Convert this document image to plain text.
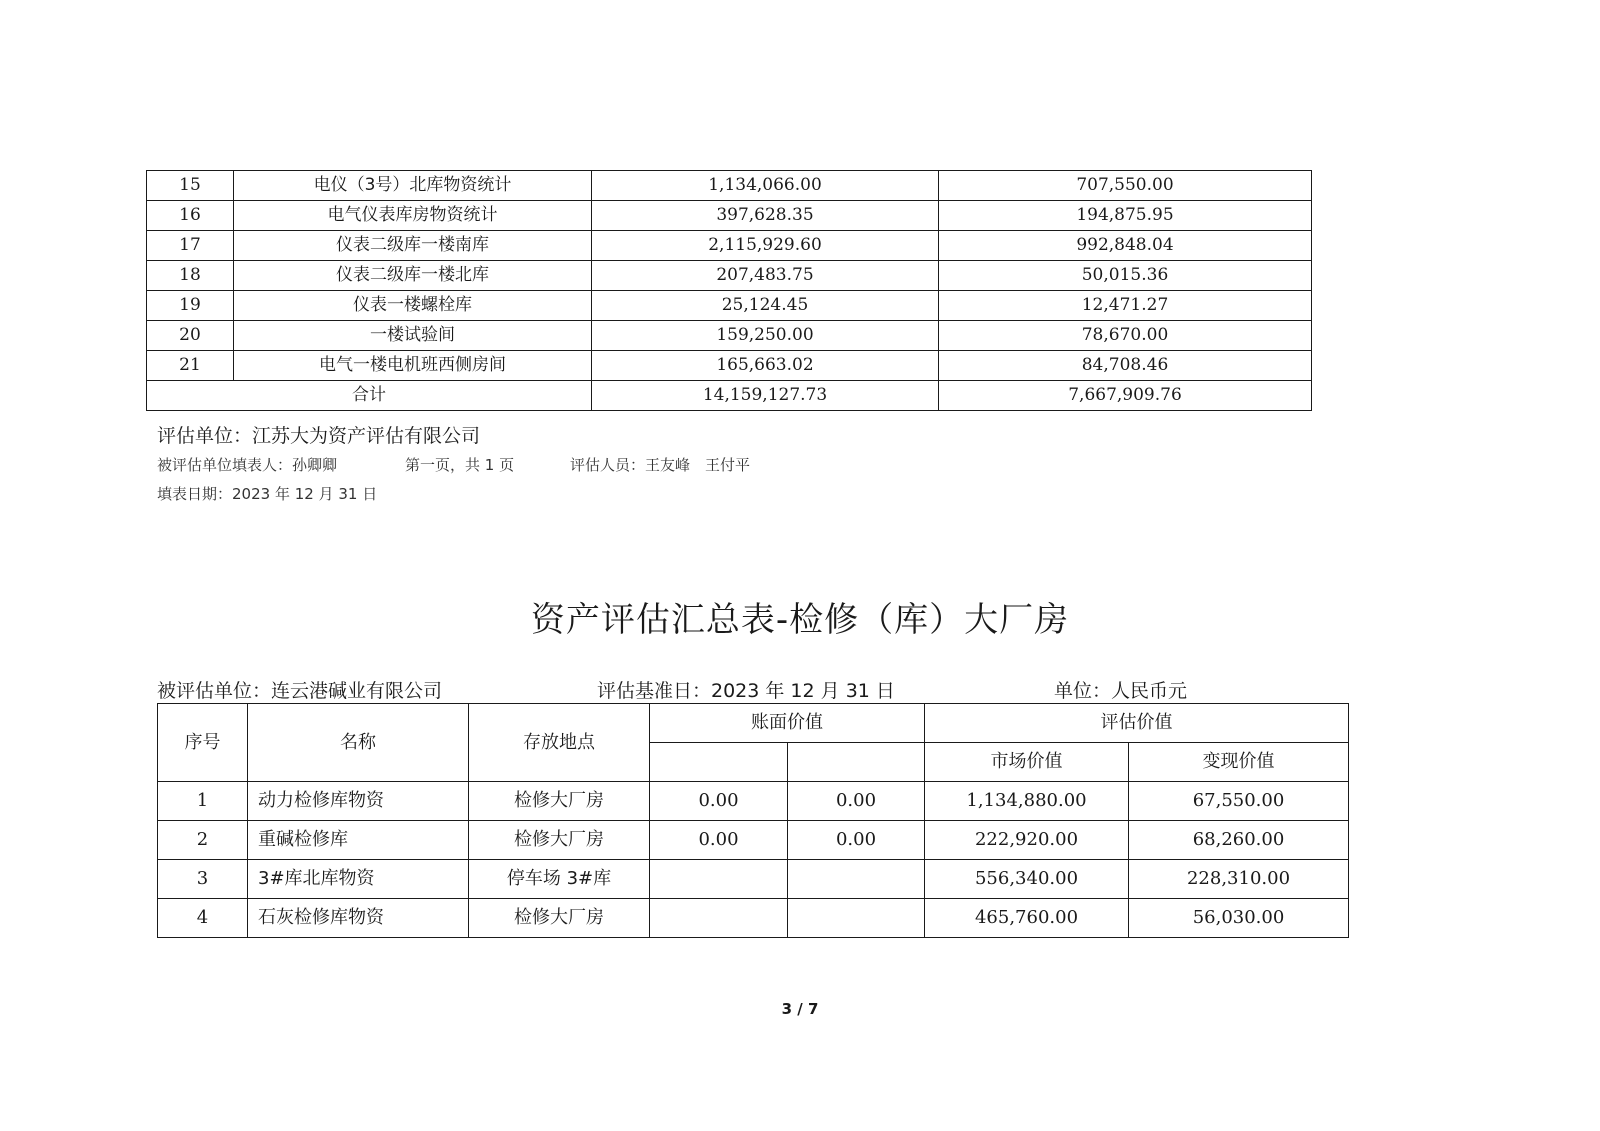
15	电仪（3号）北库物资统计	1,134,066.00	707,550.00
16	电气仪表库房物资统计	397,628.35	194,875.95
17	仪表二级库一楼南库	2,115,929.60	992,848.04
18	仪表二级库一楼北库	207,483.75	50,015.36
19	仪表一楼螺栓库	25,124.45	12,471.27
20	一楼试验间	159,250.00	78,670.00
21	电气一楼电机班西侧房间	165,663.02	84,708.46
合计		14,159,127.73	7,667,909.76
评估单位：江苏大为资产评估有限公司
被评估单位填表人：孙卿卿	第一页，共 1 页	评估人员：王友峰　王付平
填表日期：2023 年 12 月 31 日
资产评估汇总表-检修（库）大厂房
被评估单位：连云港碱业有限公司	评估基准日：2023 年 12 月 31 日	单位：人民币元
序号	名称	存放地点	账面价值		评估价值	
					市场价值	变现价值
1	动力检修库物资	检修大厂房	0.00	0.00	1,134,880.00	67,550.00
2	重碱检修库	检修大厂房	0.00	0.00	222,920.00	68,260.00
3	3#库北库物资	停车场 3#库			556,340.00	228,310.00
4	石灰检修库物资	检修大厂房			465,760.00	56,030.00
3 / 7
